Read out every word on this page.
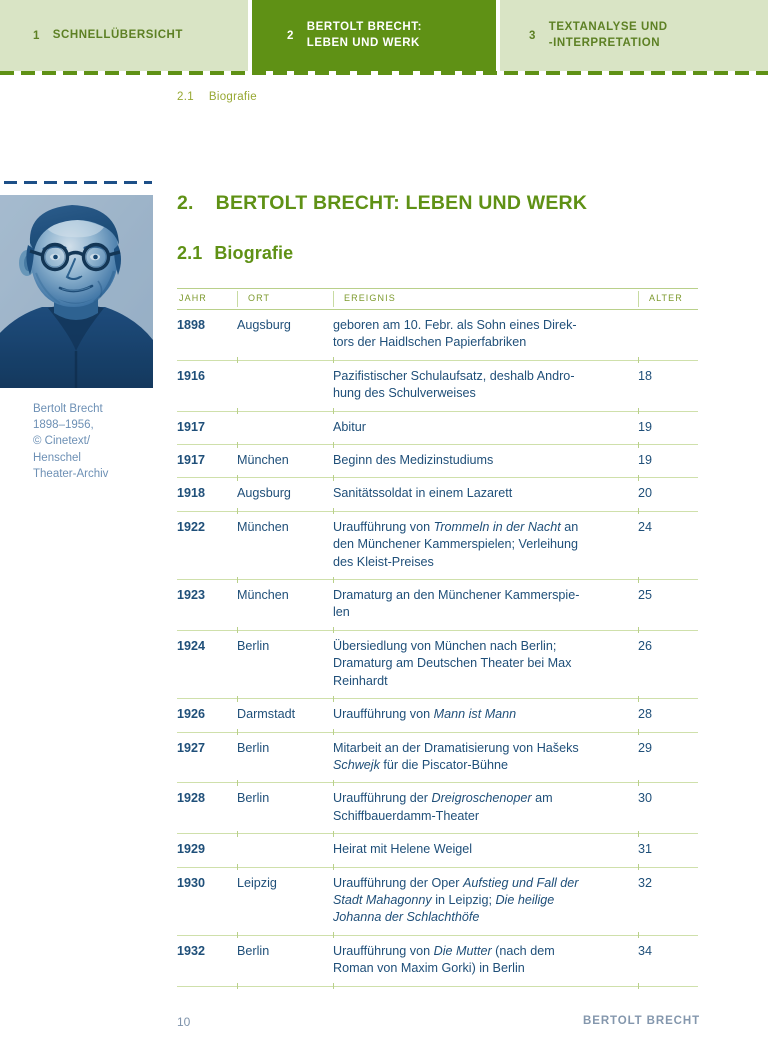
1 SCHNELLÜBERSICHT	2
BERTOLT BRECHT:
LEBEN UND WERK
3
TEXTANALYSE UND
-INTERPRETATION
2.1 Biografie
Bertolt Brecht
1898–1956,
© Cinetext/
Henschel
Theater-Archiv
2. BERTOLT BRECHT: LEBEN UND WERK
2.1 Biografie
JAHR	ORT	EREIGNIS	ALTER
1898	Augsburg	geboren am 10. Febr. als Sohn eines Direk-
tors der Haidlschen Papierfabriken	
1916		Pazifistischer Schulaufsatz, deshalb Andro-
hung des Schulverweises	18
1917		Abitur	19
1917	München	Beginn des Medizinstudiums	19
1918	Augsburg	Sanitätssoldat in einem Lazarett	20
1922	München	Uraufführung von Trommeln in der Nacht an
den Münchener Kammerspielen; Verleihung
des Kleist-Preises	24
1923	München	Dramaturg an den Münchener Kammerspie-
len	25
1924	Berlin	Übersiedlung von München nach Berlin;
Dramaturg am Deutschen Theater bei Max
Reinhardt	26
1926	Darmstadt	Uraufführung von Mann ist Mann	28
1927	Berlin	Mitarbeit an der Dramatisierung von Hašeks
Schwejk für die Piscator-Bühne	29
1928	Berlin	Uraufführung der Dreigroschenoper am
Schiffbauerdamm-Theater	30
1929		Heirat mit Helene Weigel	31
1930	Leipzig	Uraufführung der Oper Aufstieg und Fall der
Stadt Mahagonny in Leipzig; Die heilige
Johanna der Schlachthöfe	32
1932	Berlin	Uraufführung von Die Mutter (nach dem
Roman von Maxim Gorki) in Berlin	34
10	BERTOLT BRECHT
